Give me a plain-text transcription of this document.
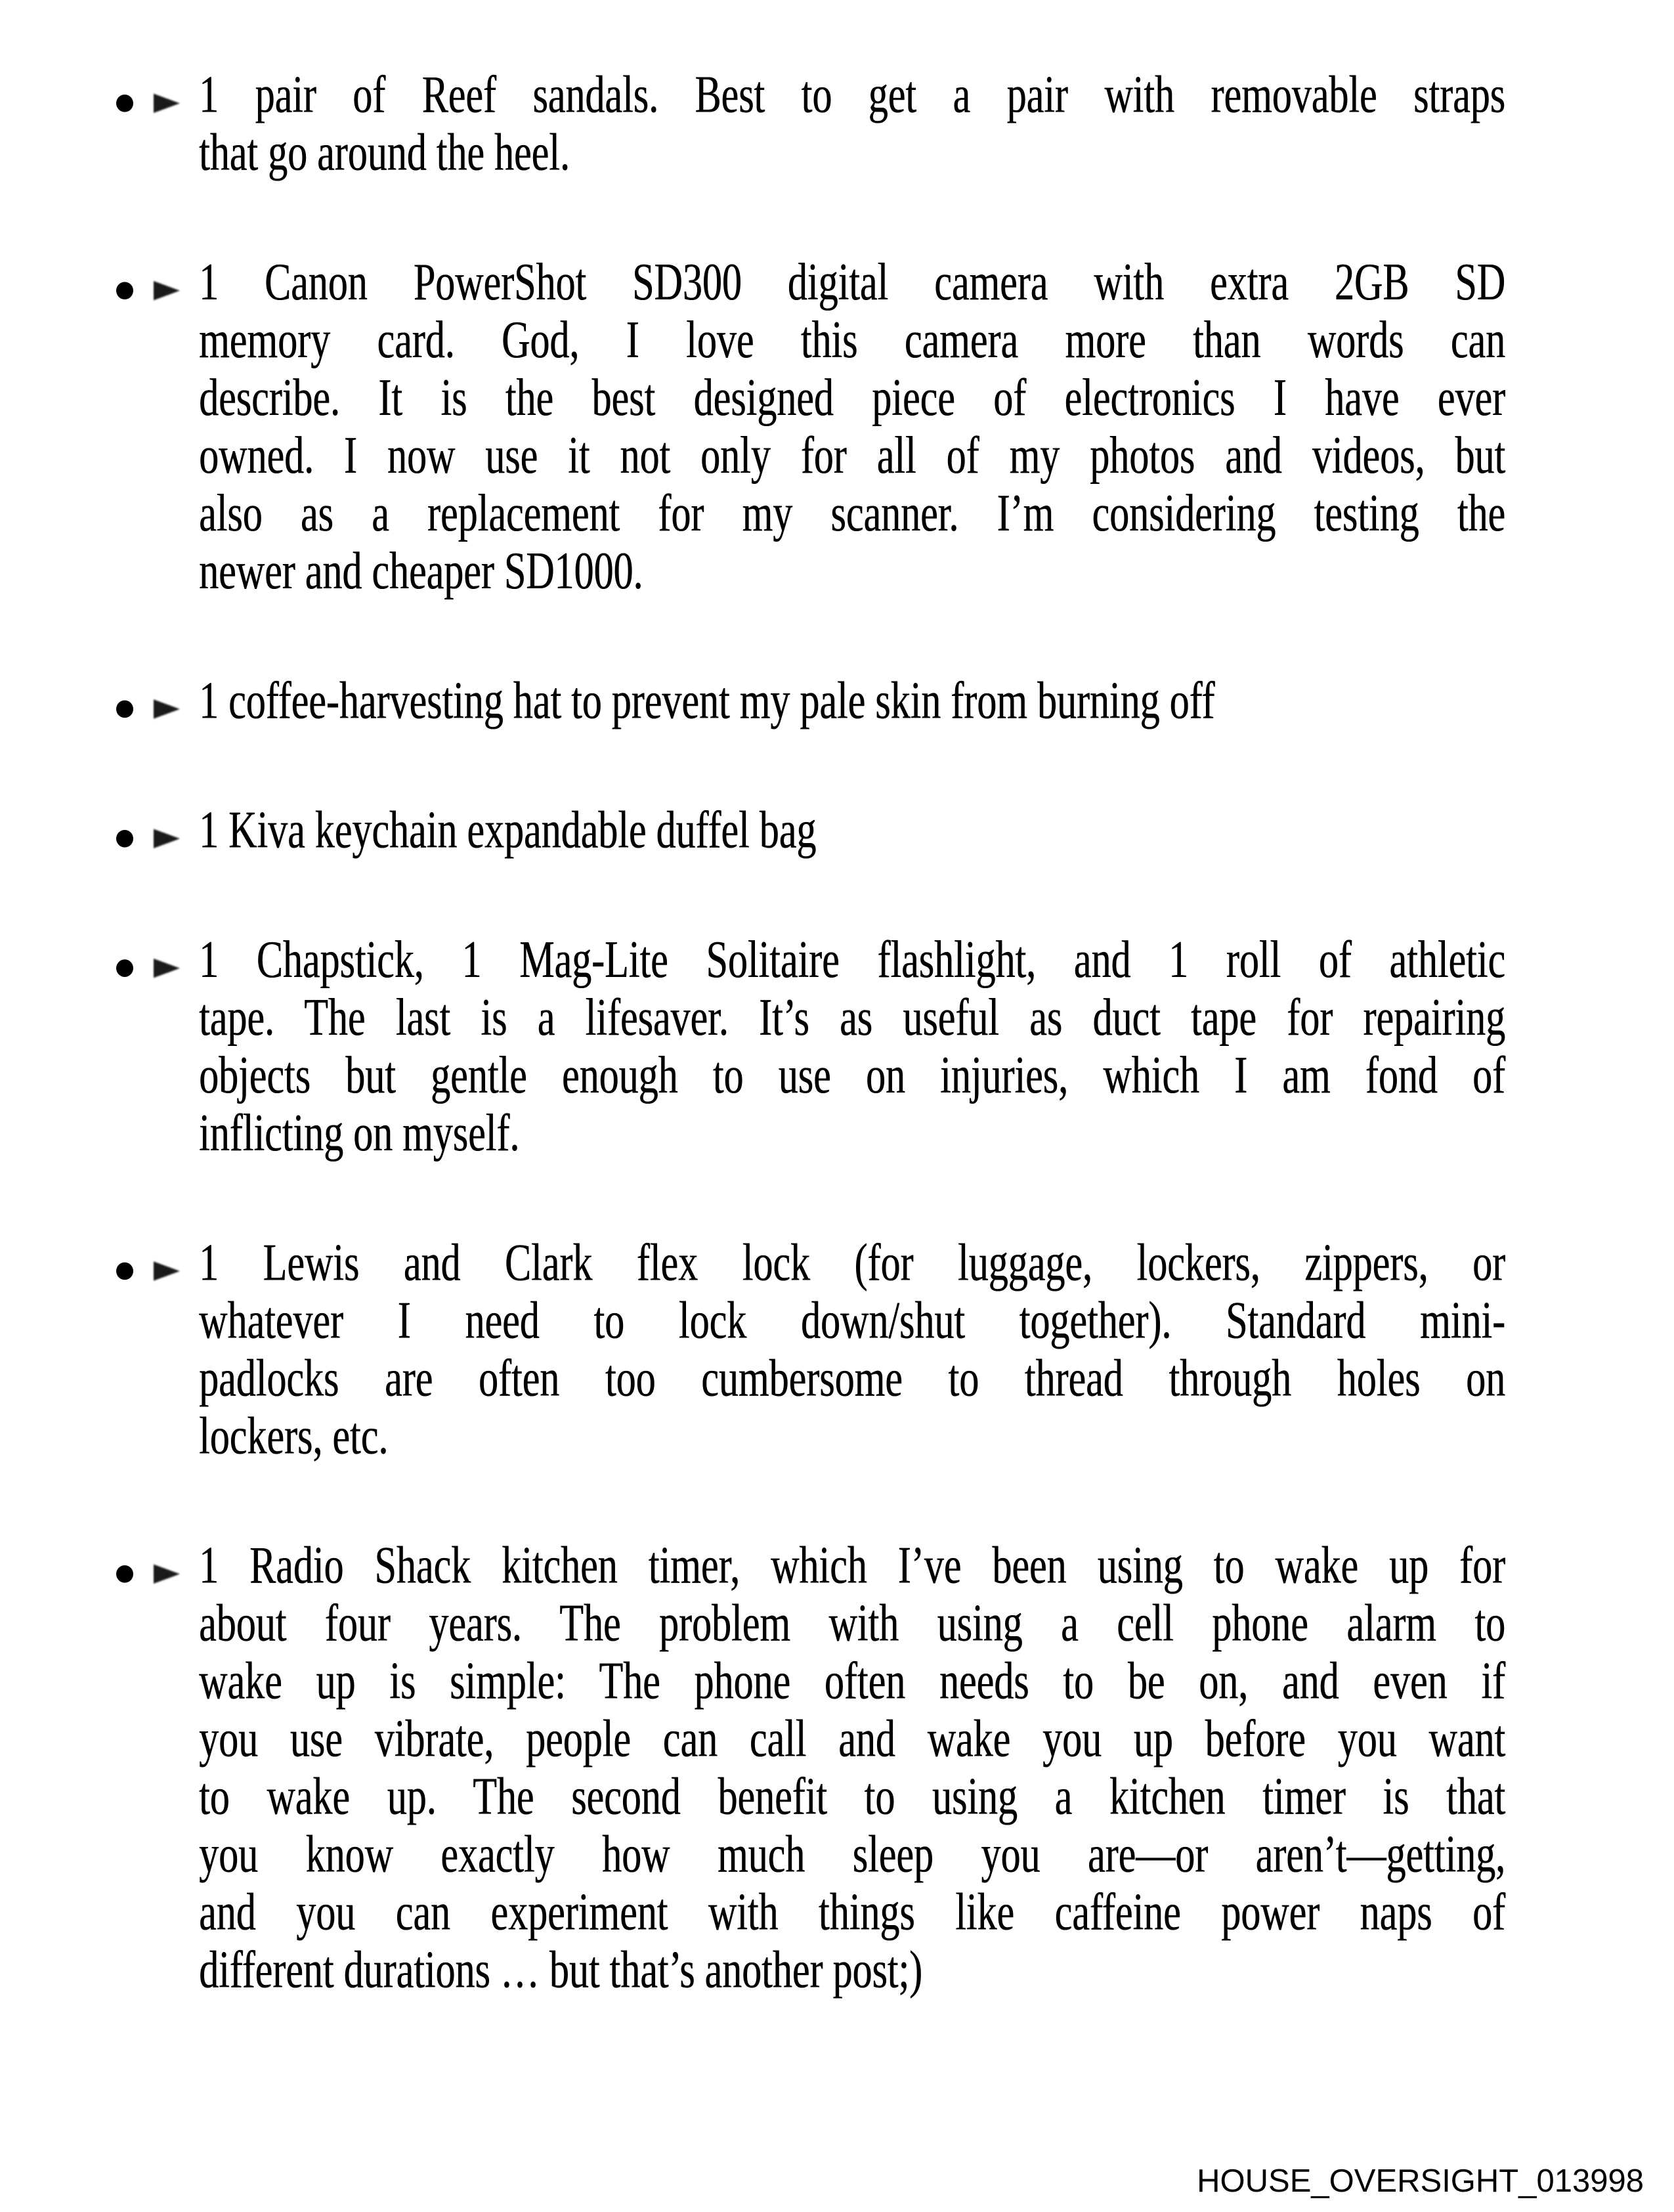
1 pair of Reef sandals. Best to get a pair with removable straps
that go around the heel.
1 Canon PowerShot SD300 digital camera with extra 2GB SD
memory card. God, I love this camera more than words can
describe. It is the best designed piece of electronics I have ever
owned. I now use it not only for all of my photos and videos, but
also as a replacement for my scanner. I’m considering testing the
newer and cheaper SD1000.
1 coffee-harvesting hat to prevent my pale skin from burning off
1 Kiva keychain expandable duffel bag
1 Chapstick, 1 Mag-Lite Solitaire flashlight, and 1 roll of athletic
tape. The last is a lifesaver. It’s as useful as duct tape for repairing
objects but gentle enough to use on injuries, which I am fond of
inflicting on myself.
1 Lewis and Clark flex lock (for luggage, lockers, zippers, or
whatever I need to lock down/shut together). Standard mini-
padlocks are often too cumbersome to thread through holes on
lockers, etc.
1 Radio Shack kitchen timer, which I’ve been using to wake up for
about four years. The problem with using a cell phone alarm to
wake up is simple: The phone often needs to be on, and even if
you use vibrate, people can call and wake you up before you want
to wake up. The second benefit to using a kitchen timer is that
you know exactly how much sleep you are—or aren’t—getting,
and you can experiment with things like caffeine power naps of
different durations … but that’s another post;)
HOUSE_OVERSIGHT_013998
